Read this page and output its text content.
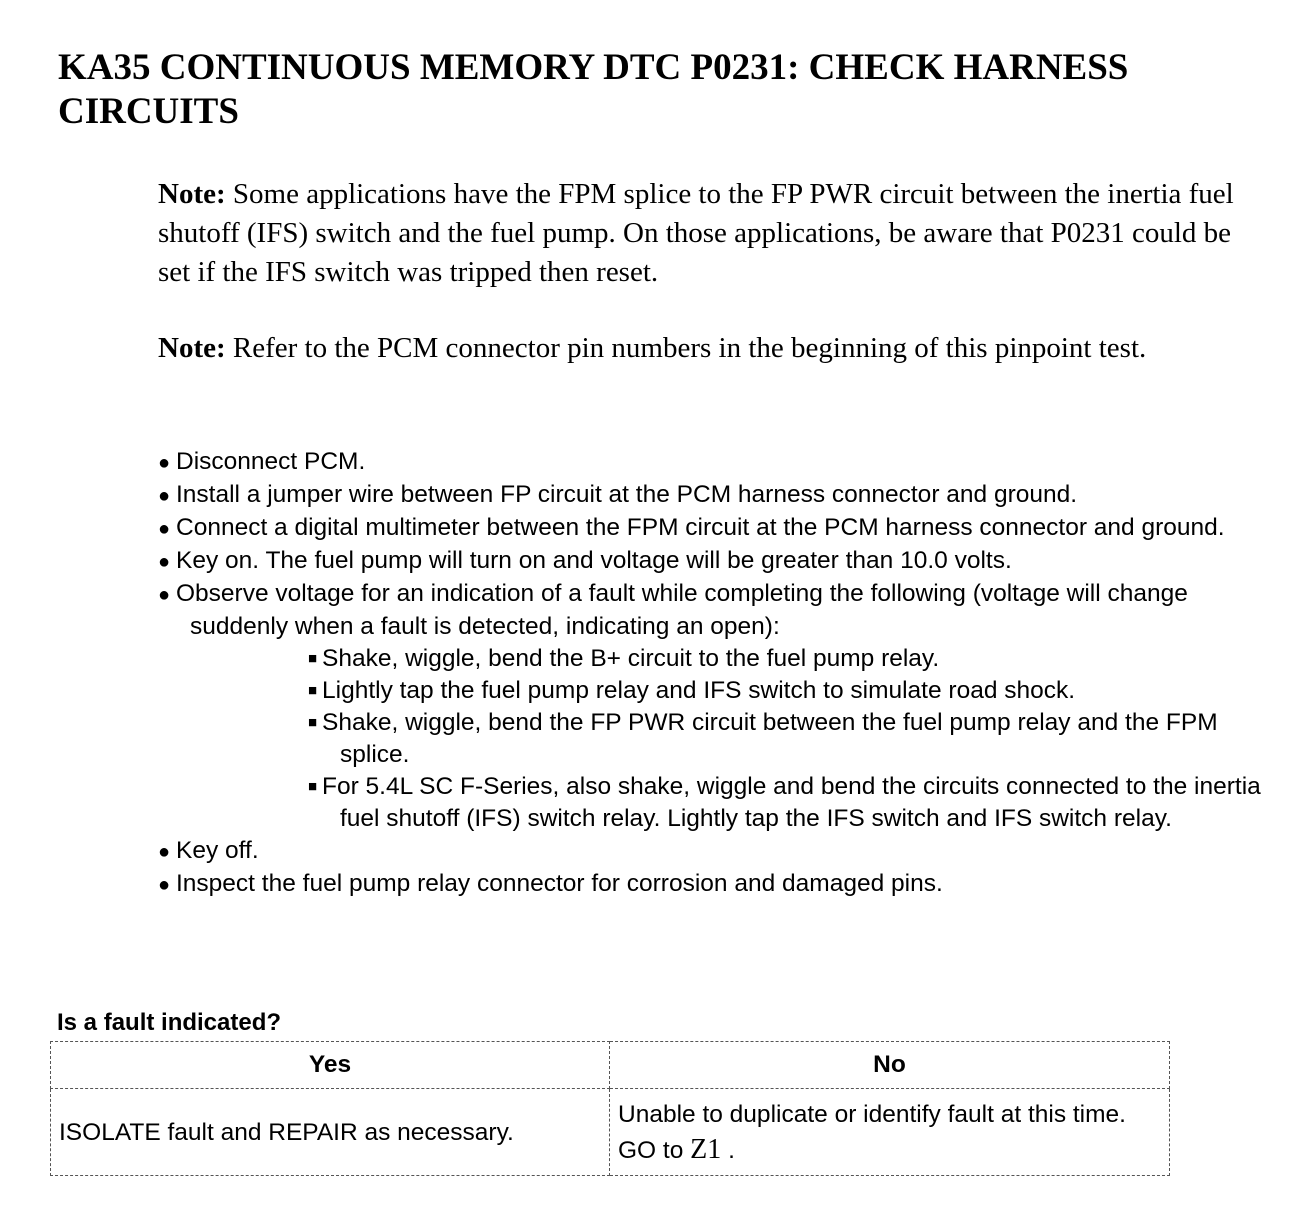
KA35 CONTINUOUS MEMORY DTC P0231: CHECK HARNESS CIRCUITS

Note: Some applications have the FPM splice to the FP PWR circuit between the inertia fuel shutoff (IFS) switch and the fuel pump. On those applications, be aware that P0231 could be set if the IFS switch was tripped then reset.

Note: Refer to the PCM connector pin numbers in the beginning of this pinpoint test.

● Disconnect PCM.
● Install a jumper wire between FP circuit at the PCM harness connector and ground.
● Connect a digital multimeter between the FPM circuit at the PCM harness connector and ground.
● Key on. The fuel pump will turn on and voltage will be greater than 10.0 volts.
● Observe voltage for an indication of a fault while completing the following (voltage will change suddenly when a fault is detected, indicating an open):
■ Shake, wiggle, bend the B+ circuit to the fuel pump relay.
■ Lightly tap the fuel pump relay and IFS switch to simulate road shock.
■ Shake, wiggle, bend the FP PWR circuit between the fuel pump relay and the FPM splice.
■ For 5.4L SC F-Series, also shake, wiggle and bend the circuits connected to the inertia fuel shutoff (IFS) switch relay. Lightly tap the IFS switch and IFS switch relay.
● Key off.
● Inspect the fuel pump relay connector for corrosion and damaged pins.

Is a fault indicated?

Yes	No
ISOLATE fault and REPAIR as necessary.	Unable to duplicate or identify fault at this time. GO to Z1 .
